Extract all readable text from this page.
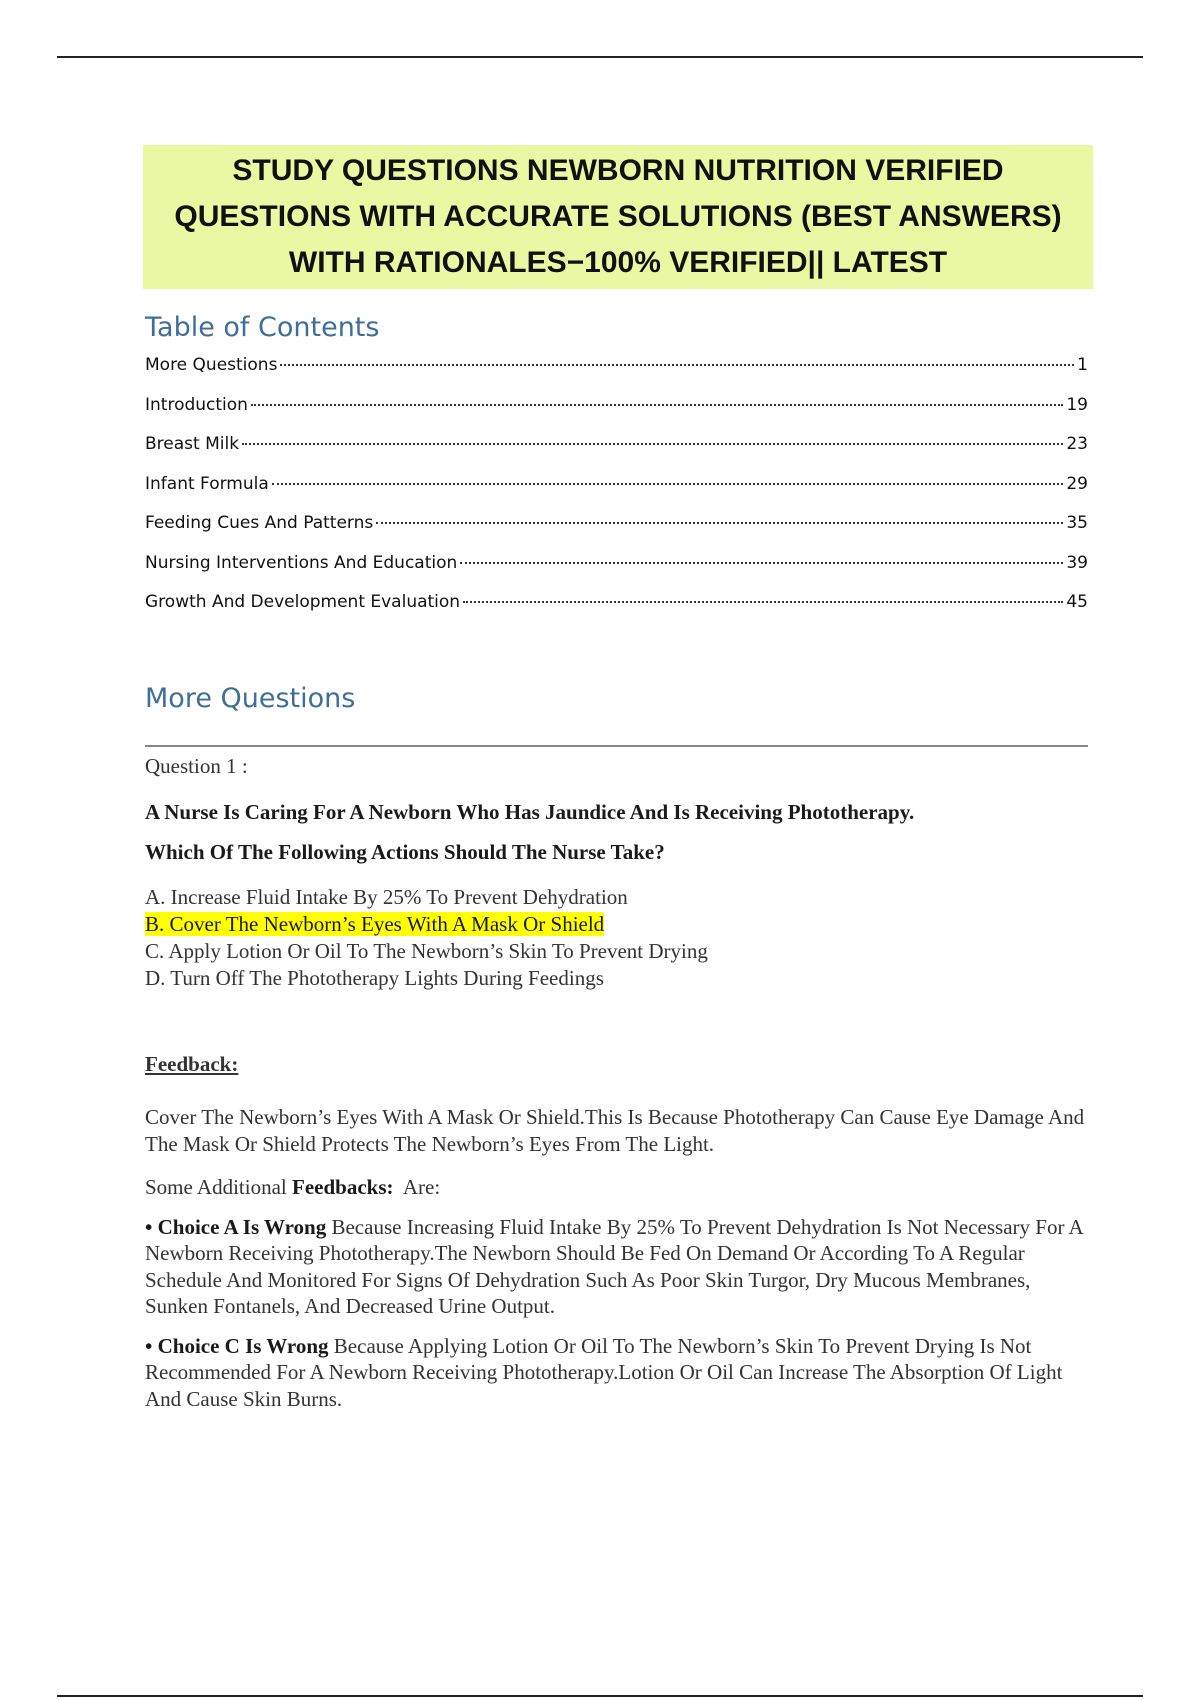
STUDY QUESTIONS NEWBORN NUTRITION VERIFIED
QUESTIONS WITH ACCURATE SOLUTIONS (BEST ANSWERS)
WITH RATIONALES−100% VERIFIED|| LATEST
Table of Contents
More Questions	1
Introduction	19
Breast Milk	23
Infant Formula	29
Feeding Cues And Patterns	35
Nursing Interventions And Education	39
Growth And Development Evaluation	45
More Questions

Question 1 :

A Nurse Is Caring For A Newborn Who Has Jaundice And Is Receiving Phototherapy.

Which Of The Following Actions Should The Nurse Take?

A. Increase Fluid Intake By 25% To Prevent Dehydration
B. Cover The Newborn’s Eyes With A Mask Or Shield
C. Apply Lotion Or Oil To The Newborn’s Skin To Prevent Drying
D. Turn Off The Phototherapy Lights During Feedings
Feedback:

Cover The Newborn’s Eyes With A Mask Or Shield.This Is Because Phototherapy Can Cause Eye Damage And The Mask Or Shield Protects The Newborn’s Eyes From The Light.

Some Additional Feedbacks:  Are:

• Choice A Is Wrong Because Increasing Fluid Intake By 25% To Prevent Dehydration Is Not Necessary For A Newborn Receiving Phototherapy.The Newborn Should Be Fed On Demand Or According To A Regular Schedule And Monitored For Signs Of Dehydration Such As Poor Skin Turgor, Dry Mucous Membranes, Sunken Fontanels, And Decreased Urine Output.

• Choice C Is Wrong Because Applying Lotion Or Oil To The Newborn’s Skin To Prevent Drying Is Not Recommended For A Newborn Receiving Phototherapy.Lotion Or Oil Can Increase The Absorption Of Light And Cause Skin Burns.
